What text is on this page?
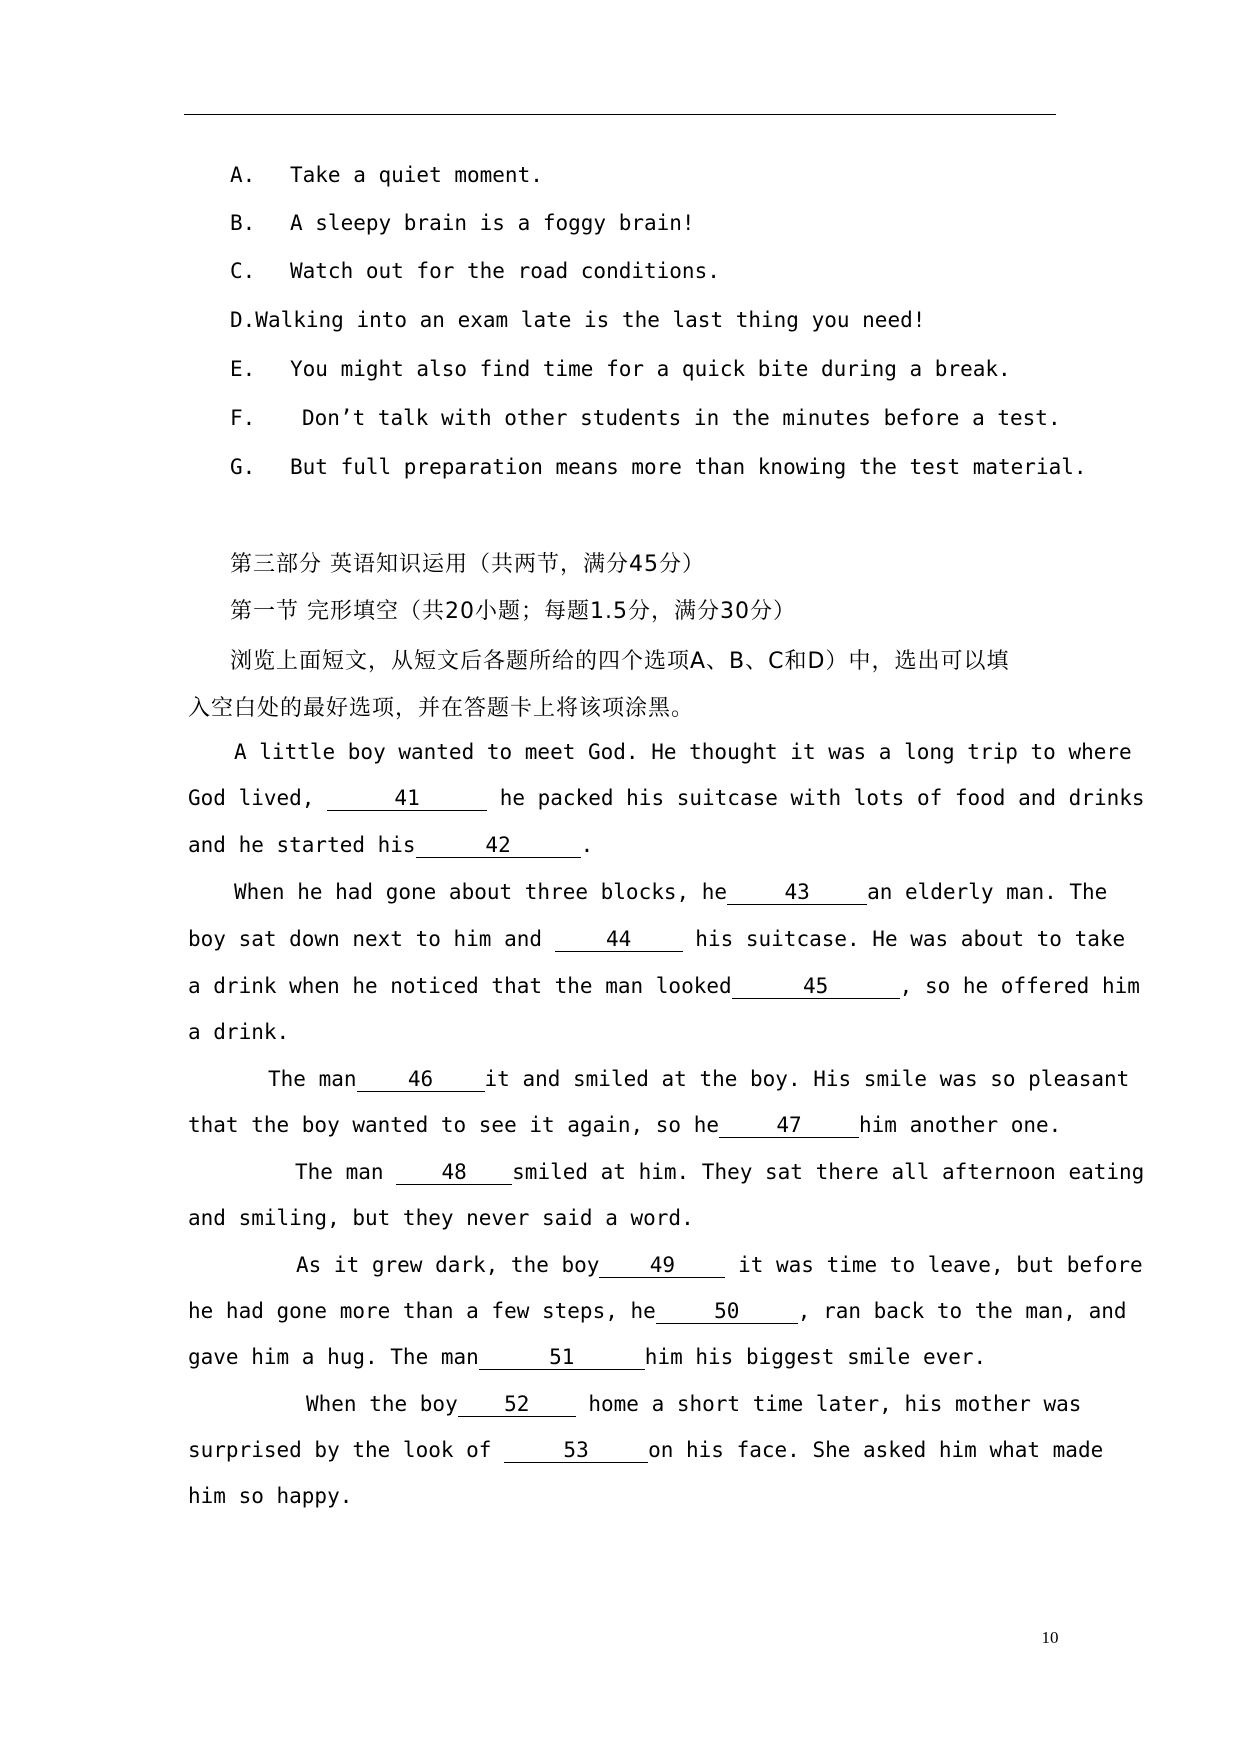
A. Take a quiet moment.
B. A sleepy brain is a foggy brain!
C. Watch out for the road conditions.
D.Walking into an exam late is the last thing you need!
E. You might also find time for a quick bite during a break.
F. Don’t talk with other students in the minutes before a test.
G. But full preparation means more than knowing the test material.
第三部分 英语知识运用（共两节，满分45分）
第一节 完形填空（共20小题；每题1.5分，满分30分）
浏览上面短文，从短文后各题所给的四个选项A、B、C和D）中，选出可以填
入空白处的最好选项，并在答题卡上将该项涂黑。
A little boy wanted to meet God. He thought it was a long trip to where
God lived,	41	he packed his suitcase with lots of food and drinks
and he started his	42	.
When he had gone about three blocks, he	43	an elderly man. The
boy sat down next to him and 44 his suitcase. He was about to take
a drink when he noticed that the man looked	45	, so he offered him
a drink.
The man 46 it and smiled at the boy. His smile was so pleasant
that the boy wanted to see it again, so he	47	him another one.
The man 48 smiled at him. They sat there all afternoon eating
and smiling, but they never said a word.
As it grew dark, the boy 49 it was time to leave, but before
he had gone more than a few steps, he	50	, ran back to the man, and
gave him a hug. The man	51	him his biggest smile ever.
When the boy 52 home a short time later, his mother was
surprised by the look of	53	on his face. She asked him what made
him so happy.
10
